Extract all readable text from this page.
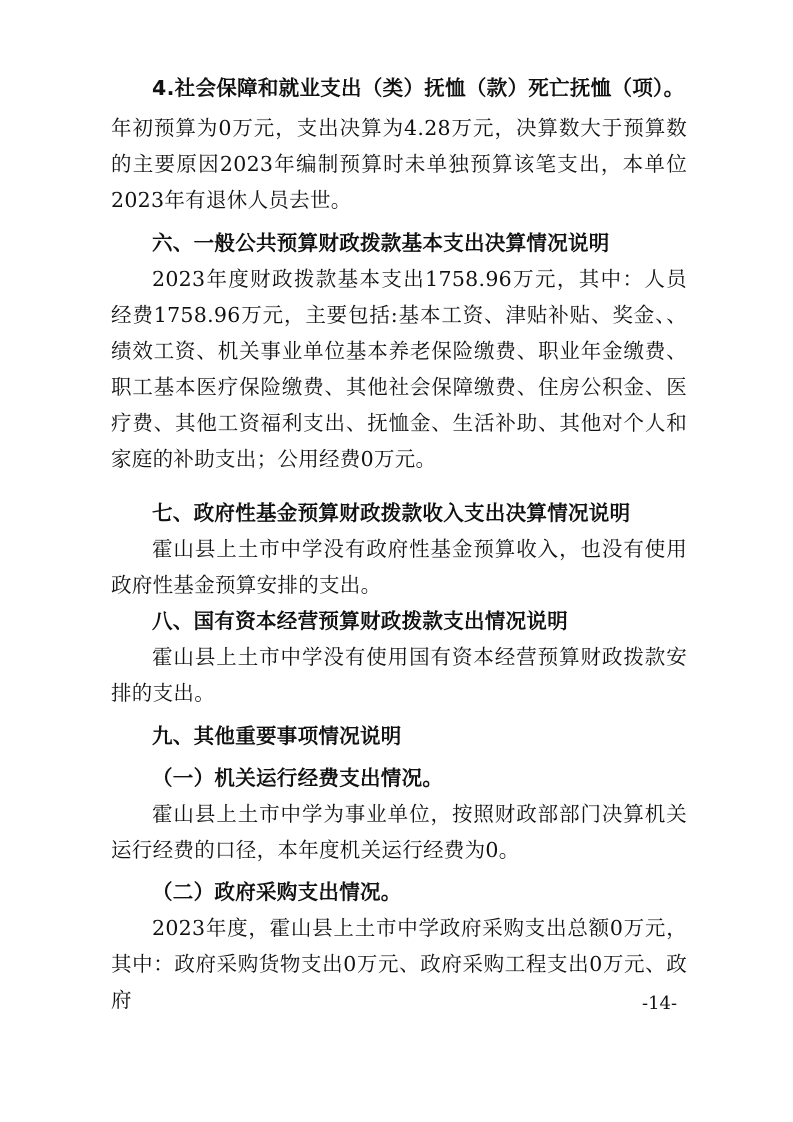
4.社会保障和就业支出（类）抚恤（款）死亡抚恤（项）。

年初预算为0万元，支出决算为4.28万元，决算数大于预算数的主要原因2023年编制预算时未单独预算该笔支出，本单位2023年有退休人员去世。

六、一般公共预算财政拨款基本支出决算情况说明

2023年度财政拨款基本支出1758.96万元，其中：人员经费1758.96万元，主要包括:基本工资、津贴补贴、奖金、、绩效工资、机关事业单位基本养老保险缴费、职业年金缴费、职工基本医疗保险缴费、其他社会保障缴费、住房公积金、医疗费、其他工资福利支出、抚恤金、生活补助、其他对个人和家庭的补助支出；公用经费0万元。

七、政府性基金预算财政拨款收入支出决算情况说明

霍山县上土市中学没有政府性基金预算收入，也没有使用政府性基金预算安排的支出。

八、国有资本经营预算财政拨款支出情况说明

霍山县上土市中学没有使用国有资本经营预算财政拨款安排的支出。

九、其他重要事项情况说明

（一）机关运行经费支出情况。

霍山县上土市中学为事业单位，按照财政部部门决算机关运行经费的口径，本年度机关运行经费为0。

（二）政府采购支出情况。

2023年度，霍山县上土市中学政府采购支出总额0万元，其中：政府采购货物支出0万元、政府采购工程支出0万元、政府	-14-
